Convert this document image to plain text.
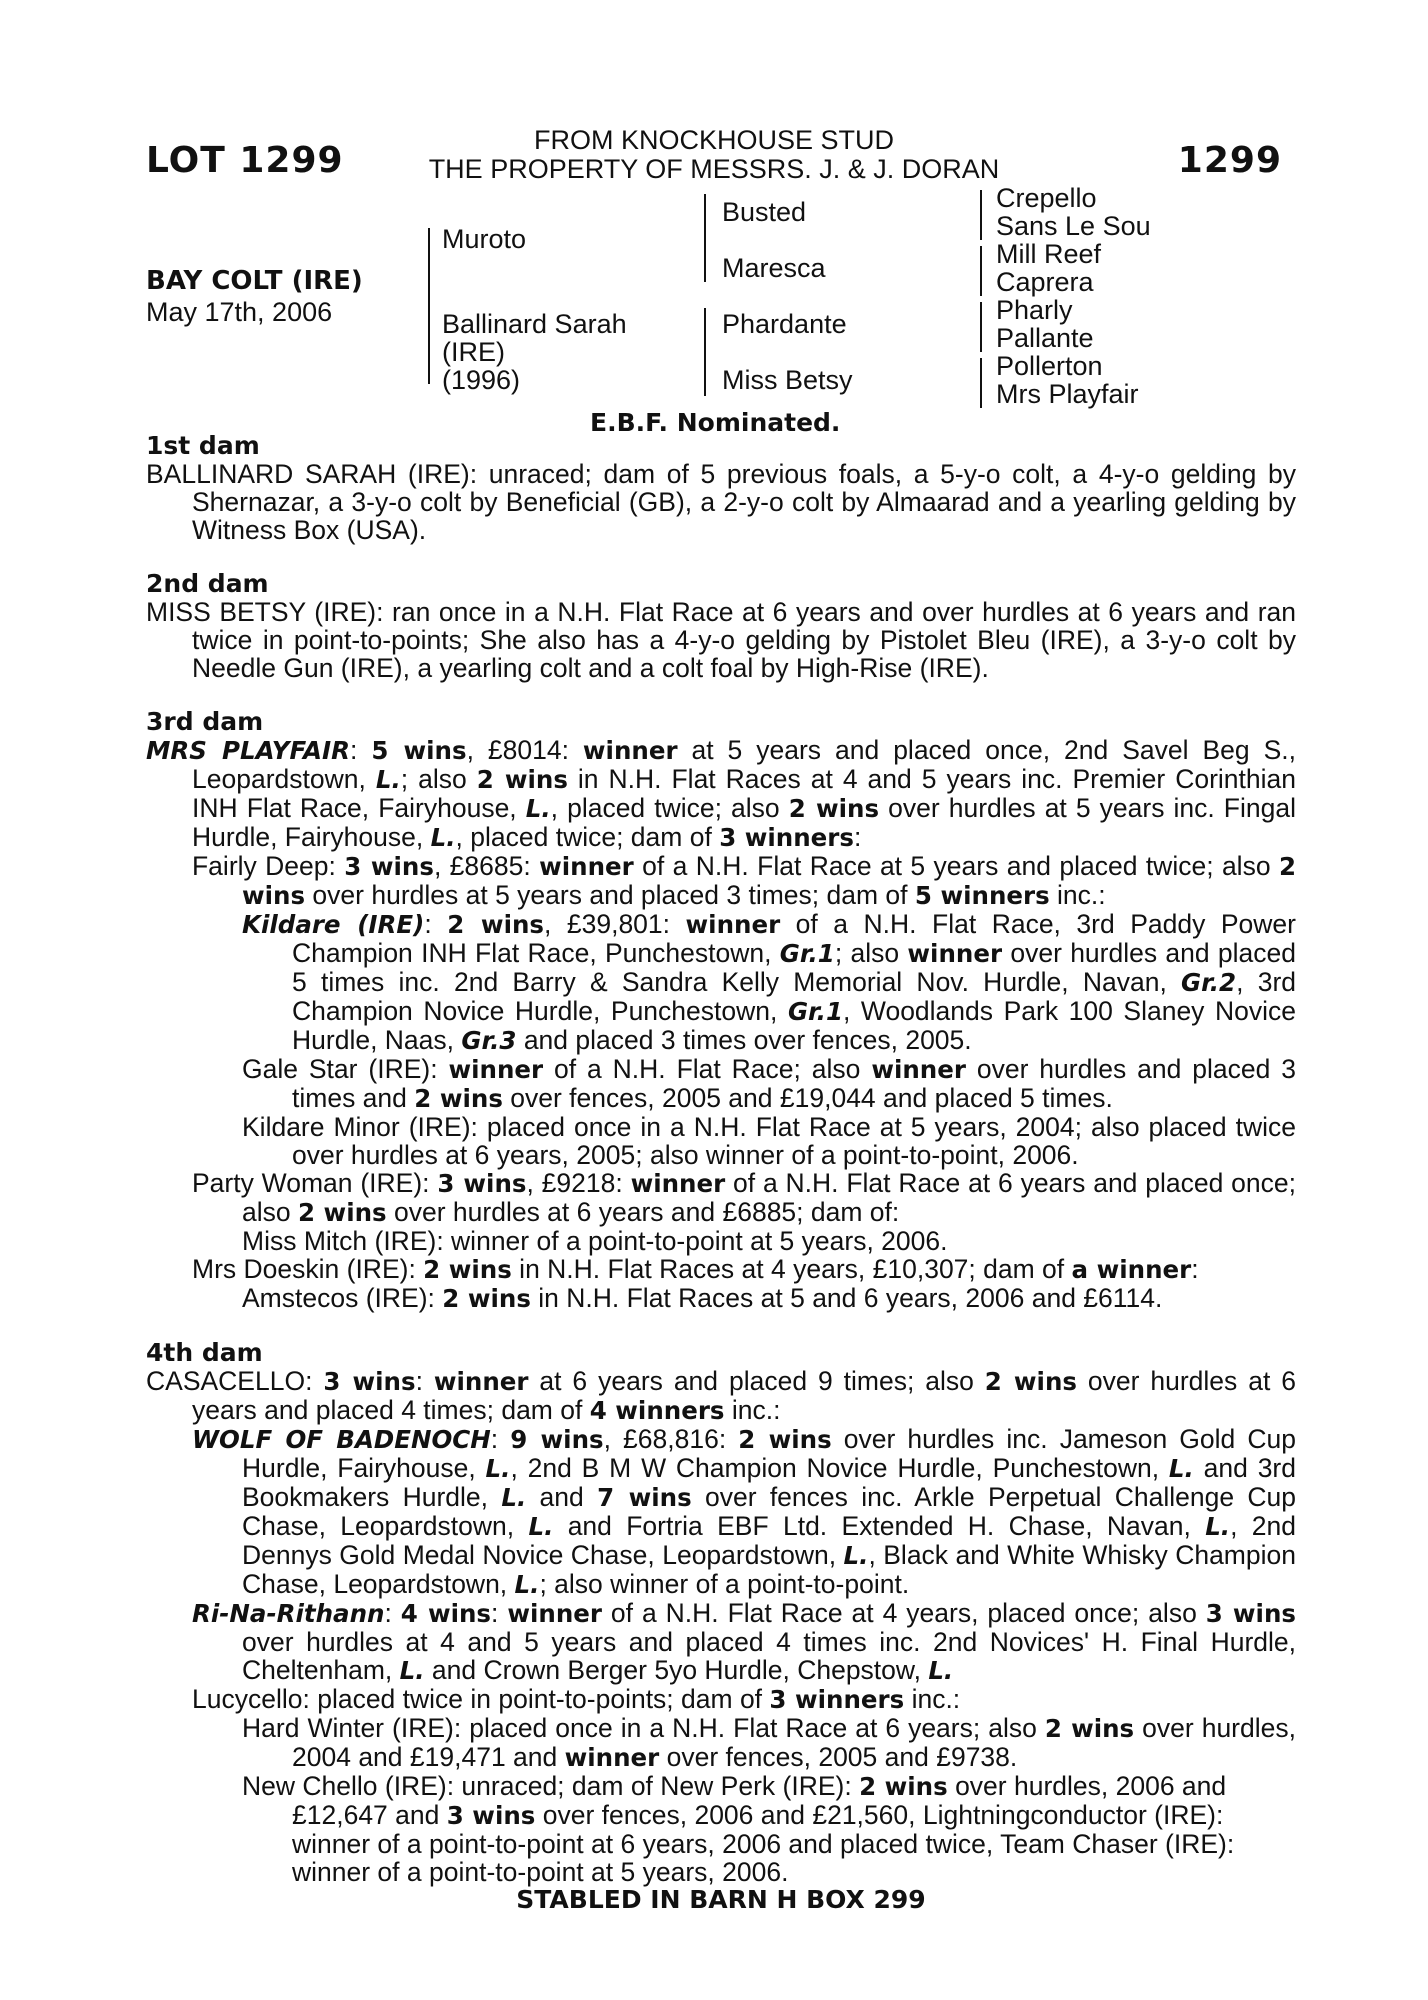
LOT 1299	1299
FROM KNOCKHOUSE STUD
THE PROPERTY OF MESSRS. J. & J. DORAN
BAY COLT (IRE)
May 17th, 2006
Muroto
Ballinard Sarah
(IRE)
(1996)
Busted
Maresca
Phardante
Miss Betsy
Crepello
Sans Le Sou
Mill Reef
Caprera
Pharly
Pallante
Pollerton
Mrs Playfair
E.B.F. Nominated.
1st dam

BALLINARD SARAH (IRE): unraced; dam of 5 previous foals, a 5-y-o colt, a 4-y-o gelding by Shernazar, a 3-y-o colt by Beneficial (GB), a 2-y-o colt by Almaarad and a yearling gelding by Witness Box (USA).

2nd dam

MISS BETSY (IRE): ran once in a N.H. Flat Race at 6 years and over hurdles at 6 years and ran twice in point-to-points; She also has a 4-y-o gelding by Pistolet Bleu (IRE), a 3-y-o colt by Needle Gun (IRE), a yearling colt and a colt foal by High-Rise (IRE).

3rd dam

MRS PLAYFAIR: 5 wins, £8014: winner at 5 years and placed once, 2nd Savel Beg S., Leopardstown, L.; also 2 wins in N.H. Flat Races at 4 and 5 years inc. Premier Corinthian INH Flat Race, Fairyhouse, L., placed twice; also 2 wins over hurdles at 5 years inc. Fingal Hurdle, Fairyhouse, L., placed twice; dam of 3 winners:

Fairly Deep: 3 wins, £8685: winner of a N.H. Flat Race at 5 years and placed twice; also 2 wins over hurdles at 5 years and placed 3 times; dam of 5 winners inc.:

Kildare (IRE): 2 wins, £39,801: winner of a N.H. Flat Race, 3rd Paddy Power Champion INH Flat Race, Punchestown, Gr.1; also winner over hurdles and placed 5 times inc. 2nd Barry & Sandra Kelly Memorial Nov. Hurdle, Navan, Gr.2, 3rd Champion Novice Hurdle, Punchestown, Gr.1, Woodlands Park 100 Slaney Novice Hurdle, Naas, Gr.3 and placed 3 times over fences, 2005.

Gale Star (IRE): winner of a N.H. Flat Race; also winner over hurdles and placed 3 times and 2 wins over fences, 2005 and £19,044 and placed 5 times.

Kildare Minor (IRE): placed once in a N.H. Flat Race at 5 years, 2004; also placed twice over hurdles at 6 years, 2005; also winner of a point-to-point, 2006.

Party Woman (IRE): 3 wins, £9218: winner of a N.H. Flat Race at 6 years and placed once; also 2 wins over hurdles at 6 years and £6885; dam of:

Miss Mitch (IRE): winner of a point-to-point at 5 years, 2006.

Mrs Doeskin (IRE): 2 wins in N.H. Flat Races at 4 years, £10,307; dam of a winner:

Amstecos (IRE): 2 wins in N.H. Flat Races at 5 and 6 years, 2006 and £6114.

4th dam

CASACELLO: 3 wins: winner at 6 years and placed 9 times; also 2 wins over hurdles at 6 years and placed 4 times; dam of 4 winners inc.:

WOLF OF BADENOCH: 9 wins, £68,816: 2 wins over hurdles inc. Jameson Gold Cup Hurdle, Fairyhouse, L., 2nd B M W Champion Novice Hurdle, Punchestown, L. and 3rd Bookmakers Hurdle, L. and 7 wins over fences inc. Arkle Perpetual Challenge Cup Chase, Leopardstown, L. and Fortria EBF Ltd. Extended H. Chase, Navan, L., 2nd Dennys Gold Medal Novice Chase, Leopardstown, L., Black and White Whisky Champion Chase, Leopardstown, L.; also winner of a point-to-point.

Ri-Na-Rithann: 4 wins: winner of a N.H. Flat Race at 4 years, placed once; also 3 wins over hurdles at 4 and 5 years and placed 4 times inc. 2nd Novices' H. Final Hurdle, Cheltenham, L. and Crown Berger 5yo Hurdle, Chepstow, L.

Lucycello: placed twice in point-to-points; dam of 3 winners inc.:

Hard Winter (IRE): placed once in a N.H. Flat Race at 6 years; also 2 wins over hurdles, 2004 and £19,471 and winner over fences, 2005 and £9738.

New Chello (IRE): unraced; dam of New Perk (IRE): 2 wins over hurdles, 2006 and £12,647 and 3 wins over fences, 2006 and £21,560, Lightningconductor (IRE): winner of a point-to-point at 6 years, 2006 and placed twice, Team Chaser (IRE): winner of a point-to-point at 5 years, 2006.

STABLED IN BARN H BOX 299
